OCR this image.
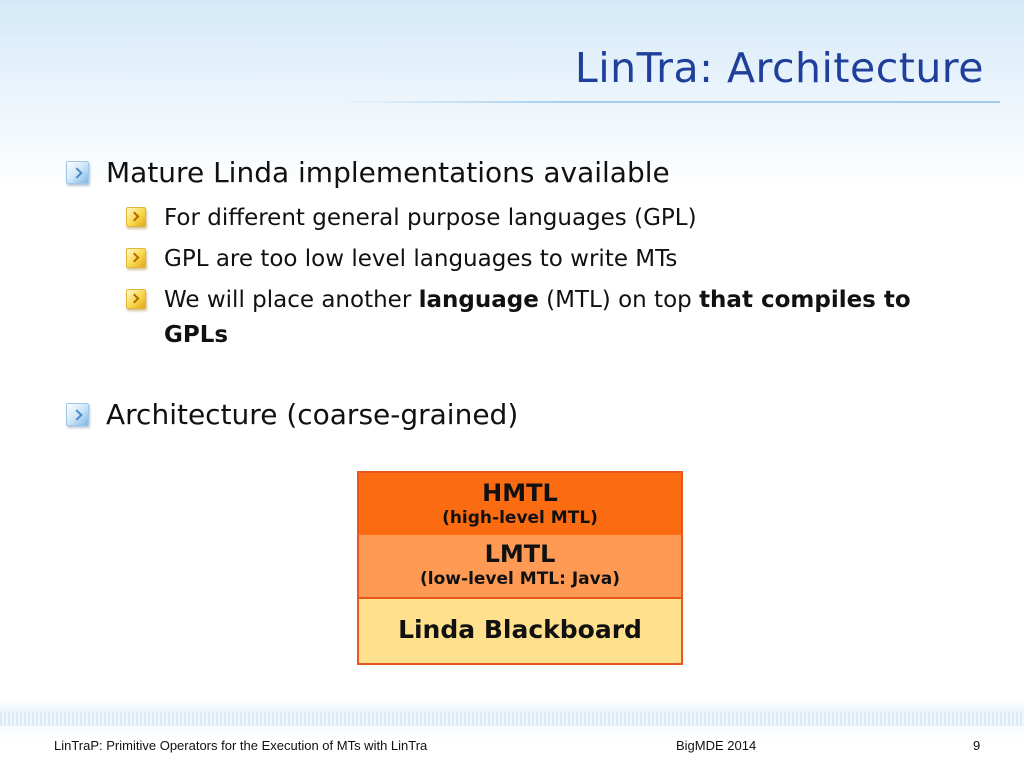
LinTra: Architecture
Mature Linda implementations available
For different general purpose languages (GPL)
GPL are too low level languages to write MTs
We will place another language (MTL) on top that compiles to GPLs
Architecture (coarse-grained)
HMTL
(high-level MTL)
LMTL
(low-level MTL: Java)
Linda Blackboard
LinTraP: Primitive Operators for the Execution of MTs with LinTra	BigMDE 2014	9
